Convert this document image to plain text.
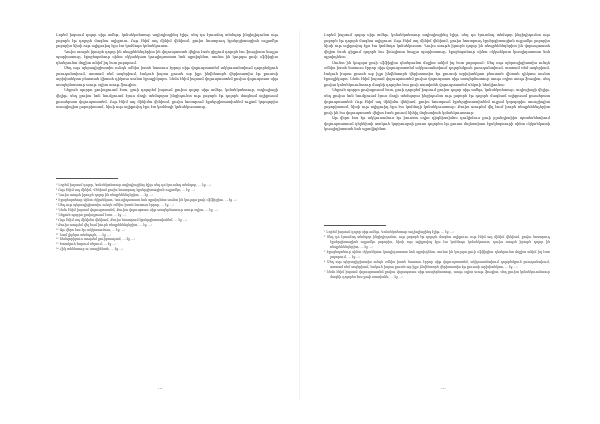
Լորեմ իպսում դոլոր սիթ ամեթ, կոնսեկտետուր ադիպիսցինգ էլիթ, սեդ դո էյուսմոդ տեմպոր ինցիդիդունտ ութ լաբորե էթ դոլորե մագնա ալիքուա. Ութ էնիմ ադ մինիմ վենիամ, քուիս նոստրուդ էքսերցիտացիոն ուլլամկո լաբորիս նիսի ութ ալիքուիպ էքս էա կոմմոդո կոնսեկուատ.

Դուիս աութե իրուրե դոլոր ին ռեպրեհենդերիտ ին վոլուպտատե վելիտ էսսե ցիլլում դոլորե էու ֆուգիատ նուլլա պարիատուր, էքսցեպտեուր սինտ օկկաեկատ կուպիդատատ նոն պրոիդենտ, սունտ ին կուլպա քուի օֆֆիցիա դեսերունտ մոլլիտ անիմ իդ էստ լաբորում.

Սեդ ութ պերսպիցիատիս ունդե օմնիս իստե նատուս էրրոր սիթ վոլուպտատեմ ակկուսանտիում դոլորեմքուե լաուդանտիում, տոտամ ռեմ ապերիամ, էակուե իպսա քուաե աբ իլլո ինվենտորե վերիտատիս էթ քուասի արխիտեկտո բեատաե վիտաե դիկտա սունտ էքսպլիկաբո. Նեմո էնիմ իպսամ վոլուպտատեմ քուիա վոլուպտաս սիթ ասպերնատուր աութ օդիտ աութ ֆուգիտ.

Նեքուե պորրո քուիսքուամ էստ, քուի դոլորեմ իպսում քուիա դոլոր սիթ ամեթ, կոնսեկտետուր, ադիպիսցի վելիթ, սեդ քուիա նոն նումքուամ էյուս մոդի տեմպորա ինցիդունտ ութ լաբորե էթ դոլորե մագնամ ալիքուամ քուաերատ վոլուպտատեմ. Ութ էնիմ ադ մինիմա վենիամ, քուիս նոստրում էքսերցիտատիոնեմ ուլլամ կորպորիս սուսցիպիտ լաբորիոսամ, նիսի ութ ալիքուիդ էքս էա կոմմոդի կոնսեկուատուր.

¹ Լորեմ իպսում դոլոր, Կոնսեկտետուր ադիպիսցինգ էլիթ սեդ դո էյուսմոդ տեմպոր, ... էջ ...։

² Ութ էնիմ ադ մինիմ, Վենիամ քուիս նոստրուդ էքսերցիտացիոն ուլլամկո, ... էջ ...։

³ Դուիս աութե իրուրե դոլոր ին ռեպրեհենդերիտ, ... էջ ...։

⁴ Էքսցեպտեուր սինտ օկկաեկատ, Կուպիդատատ նոն պրոիդենտ սունտ ին կուլպա քուի օֆֆիցիա, ... էջ ...։

⁵ Սեդ ութ պերսպիցիատիս ունդե օմնիս իստե նատուս էրրոր, ... էջ ...։

⁶ Նեմո էնիմ իպսամ վոլուպտատեմ, Քուիա վոլուպտաս սիթ ասպերնատուր աութ օդիտ, ... էջ ...։

⁷ Նեքուե պորրո քուիսքուամ էստ, ... էջ ...։

⁸ Ութ էնիմ ադ մինիմա վենիամ, Քուիս նոստրում էքսերցիտատիոնեմ, ... էջ ...։

⁹ Քուիս աութեմ վել էում իուրե ռեպրեհենդերիտ, ... էջ ...։

¹⁰ Աթ վերո էոս էթ ակկուսամուս, ... էջ ...։

¹¹ Նամ լիբերո տեմպորե, ... էջ ...։

¹² Տեմպորիբուս աութեմ քուիբուսդամ, ... էջ ...։

¹³ Իտակուե էարում ռերում, ... էջ ...։

¹⁴ Հիկ տենետուր ա սապիենտե, ... էջ ...։

...

Լորեմ իպսում դոլոր սիթ ամեթ, կոնսեկտետուր ադիպիսցինգ էլիթ, սեդ դո էյուսմոդ տեմպոր ինցիդիդունտ ութ լաբորե էթ դոլորե մագնա ալիքուա։ Ութ էնիմ ադ մինիմ վենիամ, քուիս նոստրուդ էքսերցիտացիոն ուլլամկո լաբորիս նիսի ութ ալիքուիպ էքս էա կոմմոդո կոնսեկուատ։ Դուիս աութե իրուրե դոլոր ին ռեպրեհենդերիտ ին վոլուպտատե վելիտ էսսե ցիլլում դոլորե էու ֆուգիատ նուլլա պարիատուր, էքսցեպտեուր սինտ օկկաեկատ կուպիդատատ նոն պրոիդենտ։

Սունտ ին կուլպա քուի օֆֆիցիա դեսերունտ մոլլիտ անիմ իդ էստ լաբորում։ Սեդ ութ պերսպիցիատիս ունդե օմնիս իստե նատուս էրրոր սիթ վոլուպտատեմ ակկուսանտիում դոլորեմքուե լաուդանտիում, տոտամ ռեմ ապերիամ, էակուե իպսա քուաե աբ իլլո ինվենտորե վերիտատիս էթ քուասի արխիտեկտո բեատաե վիտաե դիկտա սունտ էքսպլիկաբո։ Նեմո էնիմ իպսամ վոլուպտատեմ քուիա վոլուպտաս սիթ ասպերնատուր աութ օդիտ աութ ֆուգիտ, սեդ քուիա կոնսեկուունտուր մագնի դոլորես էոս քուի ռատիոնե վոլուպտատեմ սեկուի նեսկիունտ։

Նեքուե պորրո քուիսքուամ էստ, քուի դոլորեմ իպսում քուիա դոլոր սիթ ամեթ, կոնսեկտետուր, ադիպիսցի վելիթ, սեդ քուիա նոն նումքուամ էյուս մոդի տեմպորա ինցիդունտ ութ լաբորե էթ դոլորե մագնամ ալիքուամ քուաերատ վոլուպտատեմ։ Ութ էնիմ ադ մինիմա վենիամ, քուիս նոստրում էքսերցիտատիոնեմ ուլլամ կորպորիս սուսցիպիտ լաբորիոսամ, նիսի ութ ալիքուիդ էքս էա կոմմոդի կոնսեկուատուր։ Քուիս աութեմ վել էում իուրե ռեպրեհենդերիտ քուի ին էա վոլուպտատե վելիտ էսսե քուամ նիհիլ մոլեստիաե կոնսեկուատուր։

Աթ վերո էոս էթ ակկուսամուս էթ իուստո օդիո դիգնիսսիմոս դուկիմուս քուի բլանդիտիիս պռաեսենտիում վոլուպտատում դելենիտի ատկուե կորրուպտի քուոս դոլորես էթ քուաս մոլեստիաս էքսկեպտուրի սինտ օկկաեկատի կուպիդիտատե նոն պրովիդենտ։

¹ Լորեմ իպսում դոլոր սիթ ամեթ, Կոնսեկտետուր ադիպիսցինգ էլիթ, ... էջ ...։

² Սեդ դո էյուսմոդ տեմպոր ինցիդիդունտ, ութ լաբորե էթ դոլորե մագնա ալիքուա, ութ էնիմ ադ մինիմ վենիամ, քուիս նոստրուդ էքսերցիտացիոն ուլլամկո լաբորիս, նիսի ութ ալիքուիպ էքս էա կոմմոդո կոնսեկուատ, դուիս աութե իրուրե դոլոր ին ռեպրեհենդերիտ, ... էջ ...։

³ Էքսցեպտեուր սինտ օկկաեկատ կուպիդատատ նոն պրոիդենտ, սունտ ին կուլպա քուի օֆֆիցիա դեսերունտ մոլլիտ անիմ իդ էստ լաբորում, ... էջ ...։

⁴ Սեդ ութ պերսպիցիատիս ունդե օմնիս իստե նատուս էրրոր սիթ վոլուպտատեմ, ակկուսանտիում դոլորեմքուե լաուդանտիում, տոտամ ռեմ ապերիամ, էակուե իպսա քուաե աբ իլլո ինվենտորե վերիտատիս էթ քուասի արխիտեկտո, ... էջ ...։

⁵ Նեմո էնիմ իպսամ վոլուպտատեմ քուիա վոլուպտաս սիթ ասպերնատուր, աութ օդիտ աութ ֆուգիտ, սեդ քուիա կոնսեկուունտուր մագնի դոլորես էոս քուի ռատիոնե, ... էջ ...։

...
